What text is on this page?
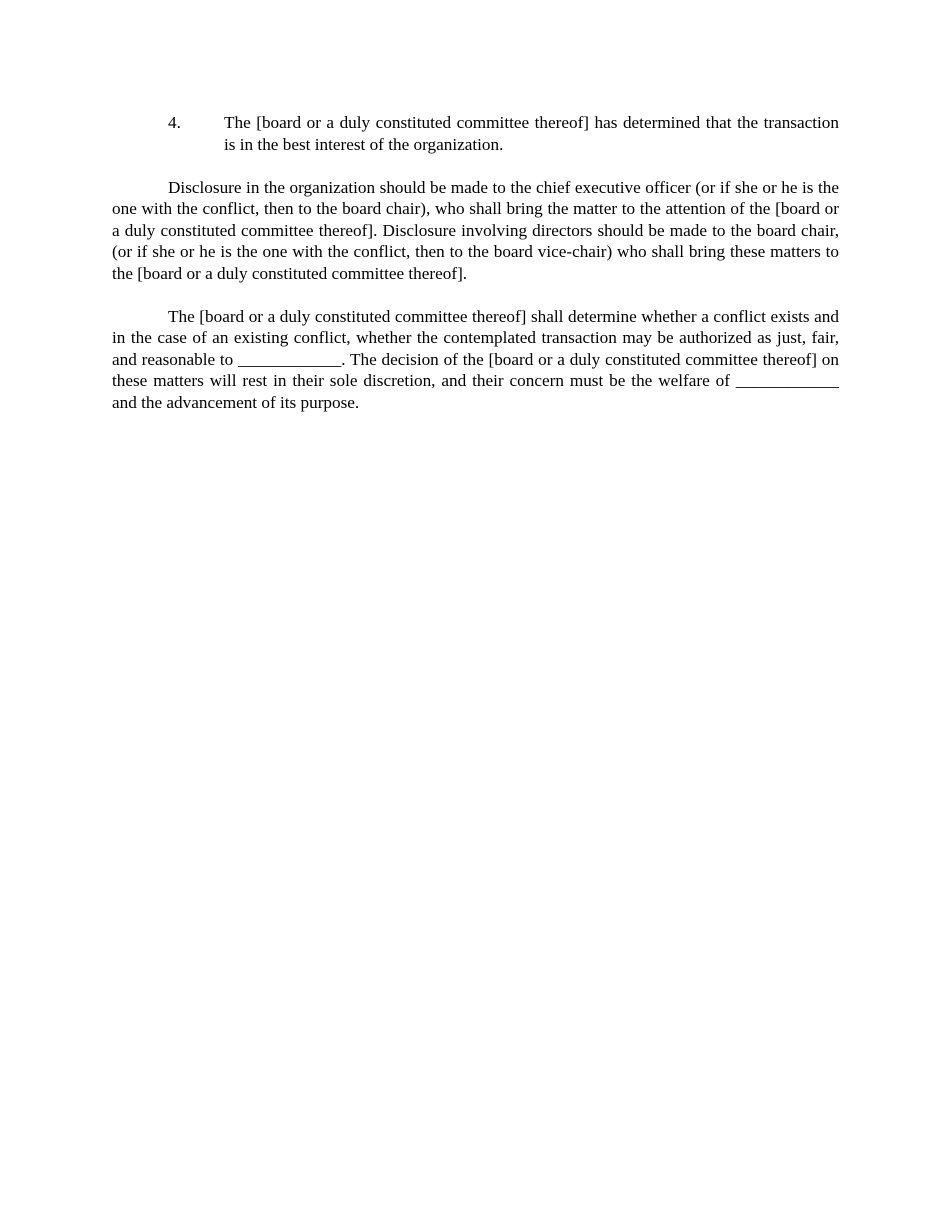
4.	The [board or a duly constituted committee thereof] has determined that the transaction is in the best interest of the organization.

Disclosure in the organization should be made to the chief executive officer (or if she or he is the one with the conflict, then to the board chair), who shall bring the matter to the attention of the [board or a duly constituted committee thereof]. Disclosure involving directors should be made to the board chair, (or if she or he is the one with the conflict, then to the board vice-chair) who shall bring these matters to the [board or a duly constituted committee thereof].

The [board or a duly constituted committee thereof] shall determine whether a conflict exists and in the case of an existing conflict, whether the contemplated transaction may be authorized as just, fair, and reasonable to ____________. The decision of the [board or a duly constituted committee thereof] on these matters will rest in their sole discretion, and their concern must be the welfare of ____________ and the advancement of its purpose.
